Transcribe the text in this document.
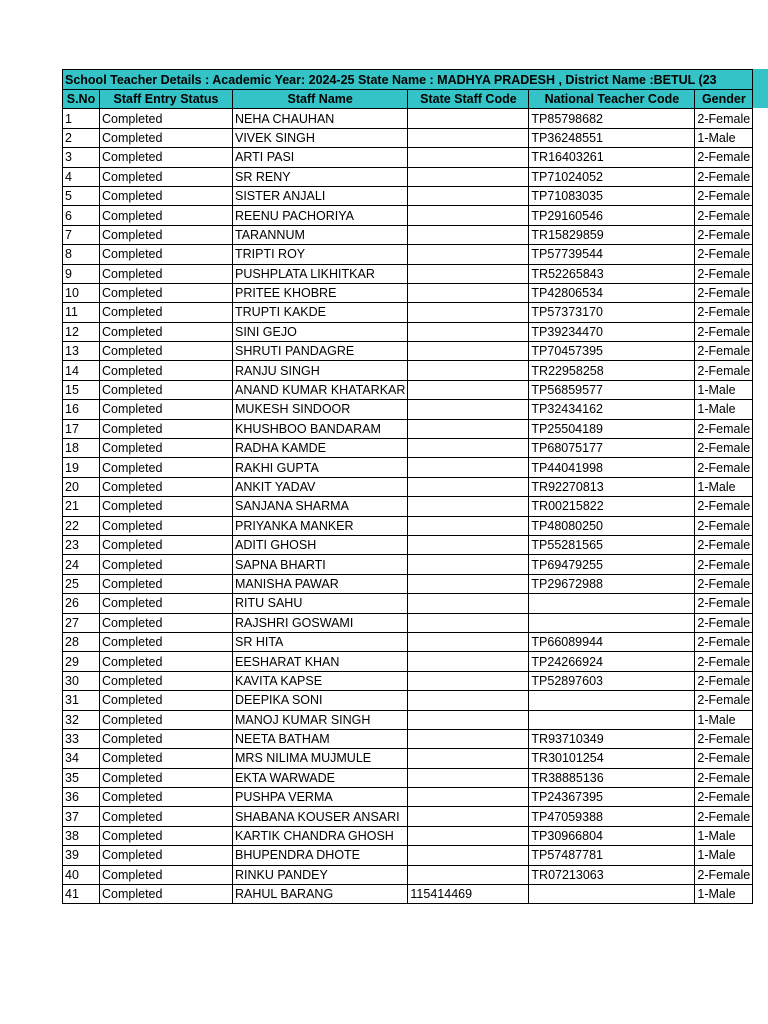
School Teacher Details : Academic Year: 2024-25 State Name : MADHYA PRADESH , District Name :BETUL (23					
S.No	Staff Entry Status	Staff Name	State Staff Code	National Teacher Code	Gender
1	Completed	NEHA CHAUHAN		TP85798682	2-Female
2	Completed	VIVEK SINGH		TP36248551	1-Male
3	Completed	ARTI PASI		TR16403261	2-Female
4	Completed	SR RENY		TP71024052	2-Female
5	Completed	SISTER ANJALI		TP71083035	2-Female
6	Completed	REENU PACHORIYA		TP29160546	2-Female
7	Completed	TARANNUM		TR15829859	2-Female
8	Completed	TRIPTI ROY		TP57739544	2-Female
9	Completed	PUSHPLATA LIKHITKAR		TR52265843	2-Female
10	Completed	PRITEE KHOBRE		TP42806534	2-Female
11	Completed	TRUPTI KAKDE		TP57373170	2-Female
12	Completed	SINI GEJO		TP39234470	2-Female
13	Completed	SHRUTI PANDAGRE		TP70457395	2-Female
14	Completed	RANJU SINGH		TR22958258	2-Female
15	Completed	ANAND KUMAR KHATARKAR		TP56859577	1-Male
16	Completed	MUKESH SINDOOR		TP32434162	1-Male
17	Completed	KHUSHBOO BANDARAM		TP25504189	2-Female
18	Completed	RADHA KAMDE		TP68075177	2-Female
19	Completed	RAKHI GUPTA		TP44041998	2-Female
20	Completed	ANKIT YADAV		TR92270813	1-Male
21	Completed	SANJANA SHARMA		TR00215822	2-Female
22	Completed	PRIYANKA MANKER		TP48080250	2-Female
23	Completed	ADITI GHOSH		TP55281565	2-Female
24	Completed	SAPNA BHARTI		TP69479255	2-Female
25	Completed	MANISHA PAWAR		TP29672988	2-Female
26	Completed	RITU SAHU			2-Female
27	Completed	RAJSHRI GOSWAMI			2-Female
28	Completed	SR HITA		TP66089944	2-Female
29	Completed	EESHARAT KHAN		TP24266924	2-Female
30	Completed	KAVITA KAPSE		TP52897603	2-Female
31	Completed	DEEPIKA SONI			2-Female
32	Completed	MANOJ KUMAR SINGH			1-Male
33	Completed	NEETA BATHAM		TR93710349	2-Female
34	Completed	MRS NILIMA MUJMULE		TR30101254	2-Female
35	Completed	EKTA WARWADE		TR38885136	2-Female
36	Completed	PUSHPA VERMA		TP24367395	2-Female
37	Completed	SHABANA KOUSER ANSARI		TP47059388	2-Female
38	Completed	KARTIK CHANDRA GHOSH		TP30966804	1-Male
39	Completed	BHUPENDRA DHOTE		TP57487781	1-Male
40	Completed	RINKU PANDEY		TR07213063	2-Female
41	Completed	RAHUL BARANG	115414469		1-Male
